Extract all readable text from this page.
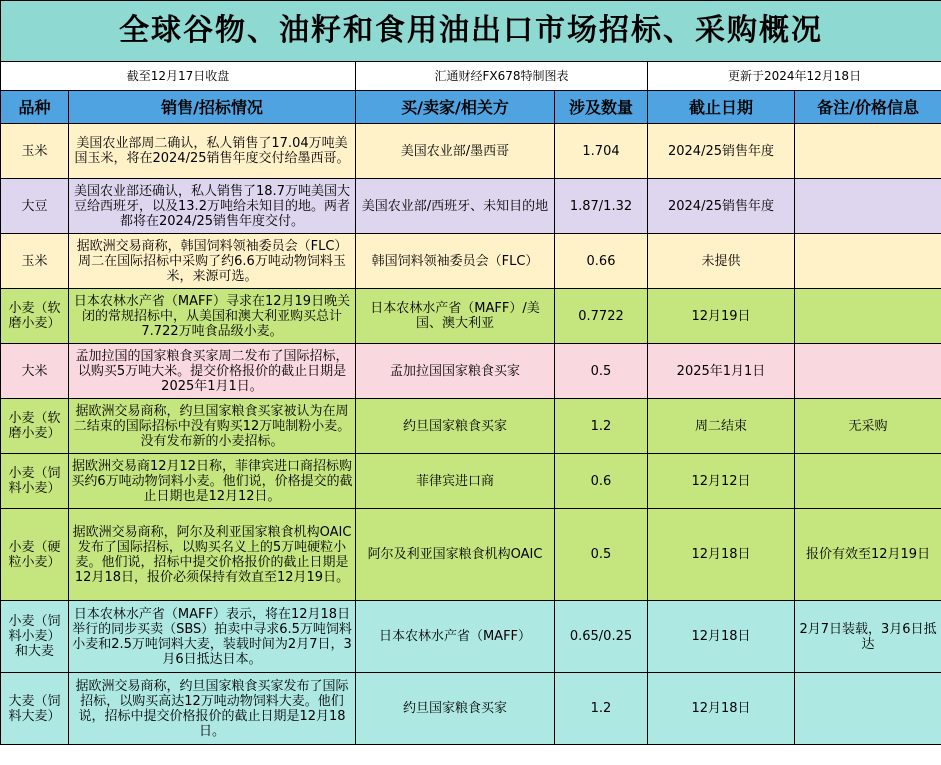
全球谷物、油籽和食用油出口市场招标、采购概况					
截至12月17日收盘		汇通财经FX678特制图表		更新于2024年12月18日	
品种	销售/招标情况	买/卖家/相关方	涉及数量	截止日期	备注/价格信息
玉米	美国农业部周二确认，私人销售了17.04万吨美国玉米，将在2024/25销售年度交付给墨西哥。	美国农业部/墨西哥	1.704	2024/25销售年度	
大豆	美国农业部还确认，私人销售了18.7万吨美国大豆给西班牙，以及13.2万吨给未知目的地。两者都将在2024/25销售年度交付。	美国农业部/西班牙、未知目的地	1.87/1.32	2024/25销售年度	
玉米	据欧洲交易商称，韩国饲料领袖委员会（FLC）周二在国际招标中采购了约6.6万吨动物饲料玉米，来源可选。	韩国饲料领袖委员会（FLC）	0.66	未提供	
小麦（软磨小麦）	日本农林水产省（MAFF）寻求在12月19日晚关闭的常规招标中，从美国和澳大利亚购买总计7.722万吨食品级小麦。	日本农林水产省（MAFF）/美国、澳大利亚	0.7722	12月19日	
大米	孟加拉国的国家粮食买家周二发布了国际招标，以购买5万吨大米。提交价格报价的截止日期是2025年1月1日。	孟加拉国国家粮食买家	0.5	2025年1月1日	
小麦（软磨小麦）	据欧洲交易商称，约旦国家粮食买家被认为在周二结束的国际招标中没有购买12万吨制粉小麦。没有发布新的小麦招标。	约旦国家粮食买家	1.2	周二结束	无采购
小麦（饲料小麦）	据欧洲交易商12月12日称，菲律宾进口商招标购买约6万吨动物饲料小麦。他们说，价格提交的截止日期也是12月12日。	菲律宾进口商	0.6	12月12日	
小麦（硬粒小麦）	据欧洲交易商称，阿尔及利亚国家粮食机构OAIC发布了国际招标，以购买名义上的5万吨硬粒小麦。他们说，招标中提交价格报价的截止日期是12月18日，报价必须保持有效直至12月19日。	阿尔及利亚国家粮食机构OAIC	0.5	12月18日	报价有效至12月19日
小麦（饲料小麦）和大麦	日本农林水产省（MAFF）表示，将在12月18日举行的同步买卖（SBS）拍卖中寻求6.5万吨饲料小麦和2.5万吨饲料大麦，装载时间为2月7日，3月6日抵达日本。	日本农林水产省（MAFF）	0.65/0.25	12月18日	2月7日装载，3月6日抵达
大麦（饲料大麦）	据欧洲交易商称，约旦国家粮食买家发布了国际招标，以购买高达12万吨动物饲料大麦。他们说，招标中提交价格报价的截止日期是12月18日。	约旦国家粮食买家	1.2	12月18日	
